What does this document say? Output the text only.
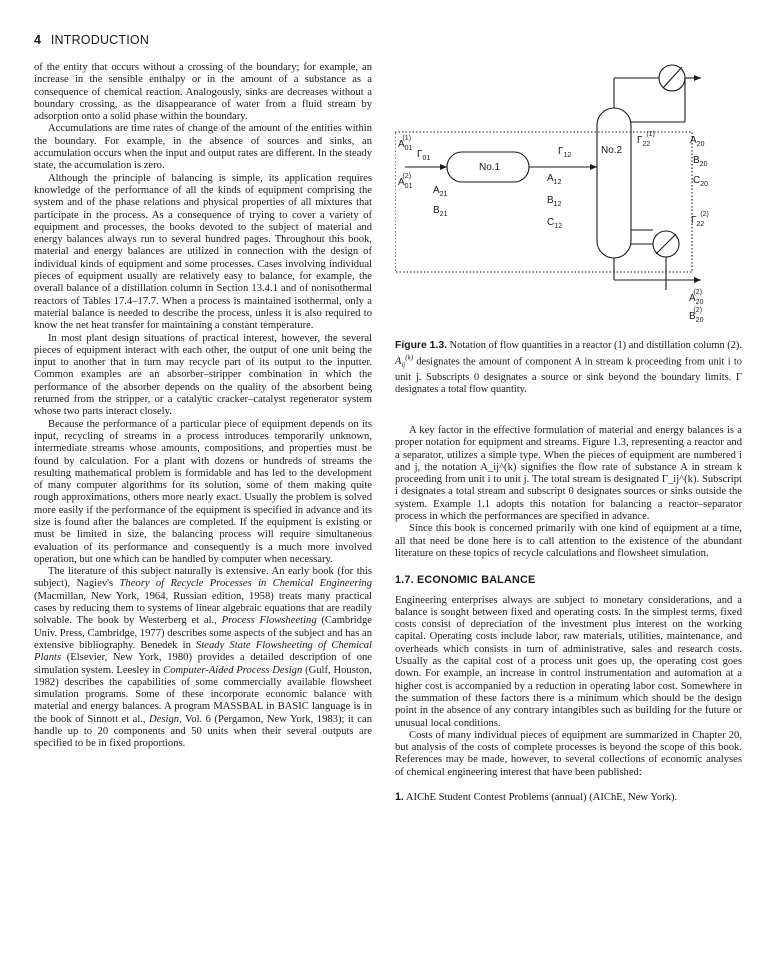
4 INTRODUCTION

of the entity that occurs without a crossing of the boundary; for example, an increase in the sensible enthalpy or in the amount of a substance as a consequence of chemical reaction. Analogously, sinks are decreases without a boundary crossing, as the disappearance of water from a fluid stream by adsorption onto a solid phase within the boundary.

Accumulations are time rates of change of the amount of the entities within the boundary. For example, in the absence of sources and sinks, an accumulation occurs when the input and output rates are different. In the steady state, the accumulation is zero.

Although the principle of balancing is simple, its application requires knowledge of the performance of all the kinds of equipment comprising the system and of the phase relations and physical properties of all mixtures that participate in the process. As a consequence of trying to cover a variety of equipment and processes, the books devoted to the subject of material and energy balances always run to several hundred pages. Throughout this book, material and energy balances are utilized in connection with the design of individual kinds of equipment and some processes. Cases involving individual pieces of equipment usually are relatively easy to balance, for example, the overall balance of a distillation column in Section 13.4.1 and of nonisothermal reactors of Tables 17.4–17.7. When a process is maintained isothermal, only a material balance is needed to describe the process, unless it is also required to know the net heat transfer for maintaining a constant temperature.

In most plant design situations of practical interest, however, the several pieces of equipment interact with each other, the output of one unit being the input to another that in turn may recycle part of its output to the inputter. Common examples are an absorber–stripper combination in which the performance of the absorber depends on the quality of the absorbent being returned from the stripper, or a catalytic cracker–catalyst regenerator system whose two parts interact closely.

Because the performance of a particular piece of equipment depends on its input, recycling of streams in a process introduces temporarily unknown, intermediate streams whose amounts, compositions, and properties must be found by calculation. For a plant with dozens or hundreds of streams the resulting mathematical problem is formidable and has led to the development of many computer algorithms for its solution, some of them making quite rough approximations, others more nearly exact. Usually the problem is solved more easily if the performance of the equipment is specified in advance and its size is found after the balances are completed. If the equipment is existing or must be limited in size, the balancing process will require simultaneous evaluation of its performance and consequently is a much more involved operation, but one which can be handled by computer when necessary.

The literature of this subject naturally is extensive. An early book (for this subject), Nagiev's Theory of Recycle Processes in Chemical Engineering (Macmillan, New York, 1964, Russian edition, 1958) treats many practical cases by reducing them to systems of linear algebraic equations that are readily solvable. The book by Westerberg et al., Process Flowsheeting (Cambridge Univ. Press, Cambridge, 1977) describes some aspects of the subject and has an extensive bibliography. Benedek in Steady State Flowsheeting of Chemical Plants (Elsevier, New York, 1980) provides a detailed description of one simulation system. Leesley in Computer-Aided Process Design (Gulf, Houston, 1982) describes the capabilities of some commercially available flowsheet simulation programs. Some of these incorporate economic balance with material and energy balances. A program MASSBAL in BASIC language is in the book of Sinnott et al., Design, Vol. 6 (Pergamon, New York, 1983); it can handle up to 20 components and 50 units when their several outputs are specified to be in fixed proportions.

No.1
No.2
$A_{01}^{(1)}$
$A_{01}^{(2)}$
$\Gamma_{01}$
$A_{21}$
$B_{21}$
$\Gamma_{12}$
$A_{12}$
$B_{12}$
$C_{12}$
$\Gamma_{22}^{(1)}$
$A_{20}$
$B_{20}$
$C_{20}$
$\Gamma_{22}^{(2)}$
$A_{20}^{(2)}$
$B_{20}^{(2)}$
Figure 1.3. Notation of flow quantities in a reactor (1) and distillation column (2). $A_{ij}^{(k)}$ designates the amount of component A in stream k proceeding from unit i to unit j. Subscripts 0 designates a source or sink beyond the boundary limits. Γ designates a total flow quantity.

A key factor in the effective formulation of material and energy balances is a proper notation for equipment and streams. Figure 1.3, representing a reactor and a separator, utilizes a simple type. When the pieces of equipment are numbered i and j, the notation A_ij^(k) signifies the flow rate of substance A in stream k proceeding from unit i to unit j. The total stream is designated Γ_ij^(k). Subscript i designates a total stream and subscript 0 designates sources or sinks outside the system. Example 1.1 adopts this notation for balancing a reactor–separator process in which the performances are specified in advance.

Since this book is concerned primarily with one kind of equipment at a time, all that need be done here is to call attention to the existence of the abundant literature on these topics of recycle calculations and flowsheet simulation.

1.7. ECONOMIC BALANCE

Engineering enterprises always are subject to monetary considerations, and a balance is sought between fixed and operating costs. In the simplest terms, fixed costs consist of depreciation of the investment plus interest on the working capital. Operating costs include labor, raw materials, utilities, maintenance, and overheads which consists in turn of administrative, sales and research costs. Usually as the capital cost of a process unit goes up, the operating cost goes down. For example, an increase in control instrumentation and automation at a higher cost is accompanied by a reduction in operating labor cost. Somewhere in the summation of these factors there is a minimum which should be the design point in the absence of any contrary intangibles such as building for the future or unusual local conditions.

Costs of many individual pieces of equipment are summarized in Chapter 20, but analysis of the costs of complete processes is beyond the scope of this book. References may be made, however, to several collections of economic analyses of chemical engineering interest that have been published:

1. AIChE Student Contest Problems (annual) (AIChE, New York).
